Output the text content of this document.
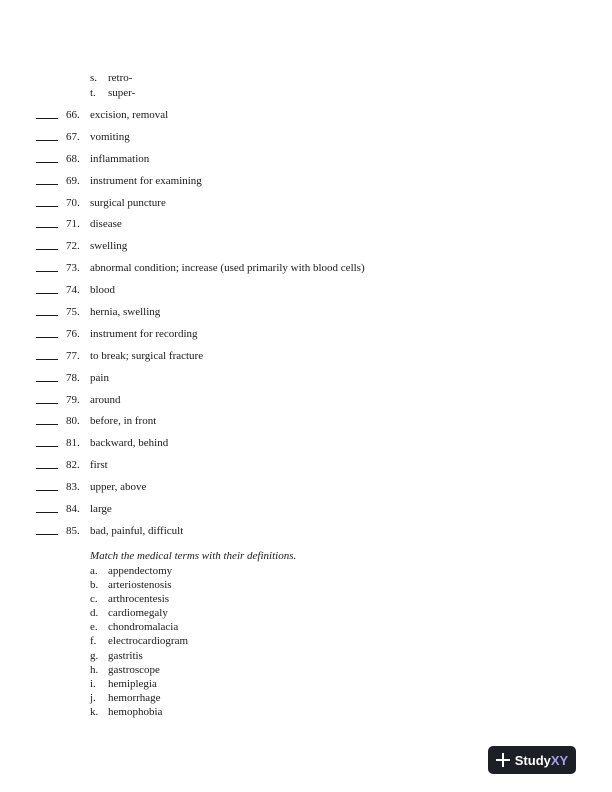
s. retro-
t.	super-
66. excision, removal
67. vomiting
68. inflammation
69. instrument for examining
70. surgical puncture
71. disease
72. swelling
73. abnormal condition; increase (used primarily with blood cells)
74. blood
75. hernia, swelling
76. instrument for recording
77. to break; surgical fracture
78. pain
79. around
80. before, in front
81. backward, behind
82. first
83. upper, above
84. large
85. bad, painful, difficult
Match the medical terms with their definitions.
a. appendectomy
b. arteriostenosis
c. arthrocentesis
d. cardiomegaly
e. chondromalacia
f.	electrocardiogram
g. gastritis
h. gastroscope
i.	hemiplegia
j.	hemorrhage
k. hemophobia
StudyXY
